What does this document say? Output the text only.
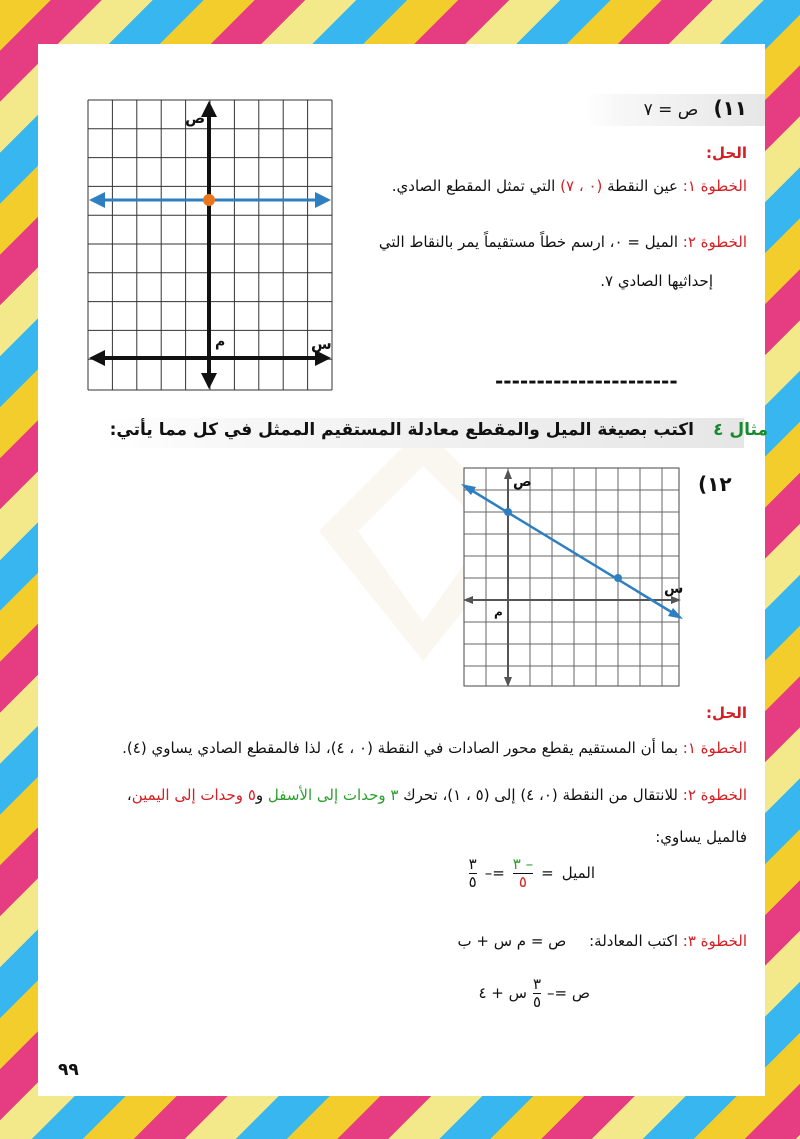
ص
س
م
١١) ص = ٧
الحل:
الخطوة ١: عين النقطة (٠ ، ٧) التي تمثل المقطع الصادي.
الخطوة ٢: الميل = ٠، ارسم خطاً مستقيماً يمر بالنقاط التي
إحداثيها الصادي ٧.
----------------------
مثال ٤ اكتب بصيغة الميل والمقطع معادلة المستقيم الممثل في كل مما يأتي:
١٢)
ص
س
م
الحل:
الخطوة ١: بما أن المستقيم يقطع محور الصادات في النقطة (٠ ، ٤)، لذا فالمقطع الصادي يساوي (٤).
الخطوة ٢: للانتقال من النقطة (٠، ٤) إلى (٥ ، ١)، تحرك ٣ وحدات إلى الأسفل و٥ وحدات إلى اليمين،
فالميل يساوي:
الميل
=
$\frac{- ٣}{٥}$
=–
$\frac{٣}{٥}$
الخطوة ٣: اكتب المعادلة: ص = م س + ب
ص =–
$\frac{٣}{٥}$
س + ٤
٩٩
